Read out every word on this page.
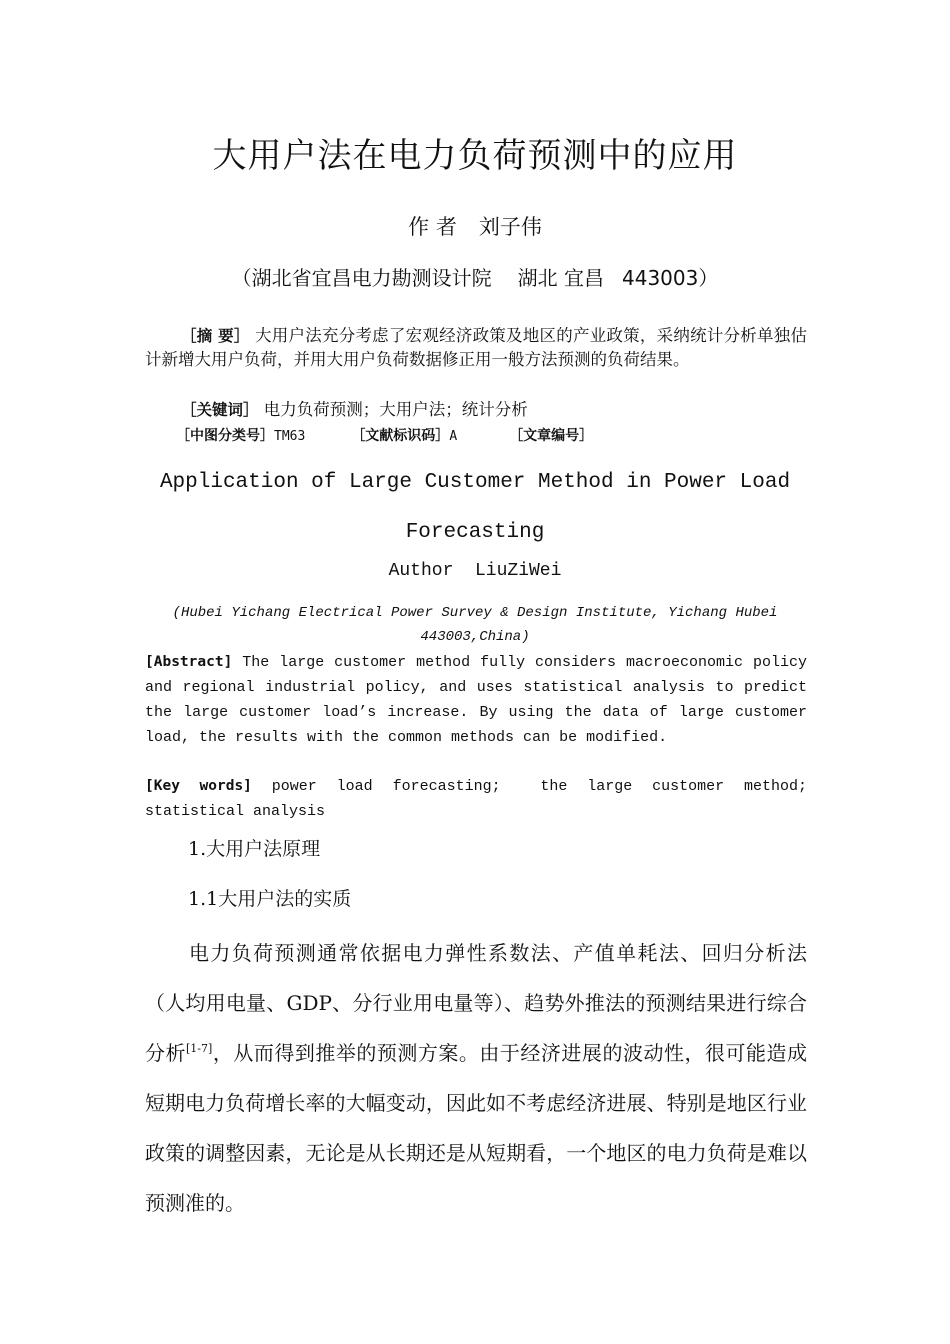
大用户法在电力负荷预测中的应用
作 者 刘子伟
（湖北省宜昌电力勘测设计院 湖北 宜昌 443003）
［摘 要］ 大用户法充分考虑了宏观经济政策及地区的产业政策，采纳统计分析单独估计新增大用户负荷，并用大用户负荷数据修正用一般方法预测的负荷结果。
［关键词］ 电力负荷预测；大用户法；统计分析
［中图分类号］TM63	［文献标识码］A	［文章编号］
Application of Large Customer Method in Power Load
Forecasting
Author  LiuZiWei
(Hubei Yichang Electrical Power Survey & Design Institute, Yichang Hubei
443003,China)
[Abstract] The large customer method fully considers macroeconomic policy and regional industrial policy, and uses statistical analysis to predict the large customer load’s increase. By using the data of large customer load, the results with the common methods can be modified.
[Key words] power load forecasting;  the large customer method; statistical analysis
1.大用户法原理
1.1大用户法的实质
电力负荷预测通常依据电力弹性系数法、产值单耗法、回归分析法（人均用电量、GDP、分行业用电量等）、趋势外推法的预测结果进行综合分析[1-7]，从而得到推举的预测方案。由于经济进展的波动性，很可能造成短期电力负荷增长率的大幅变动，因此如不考虑经济进展、特别是地区行业政策的调整因素，无论是从长期还是从短期看，一个地区的电力负荷是难以预测准的。
